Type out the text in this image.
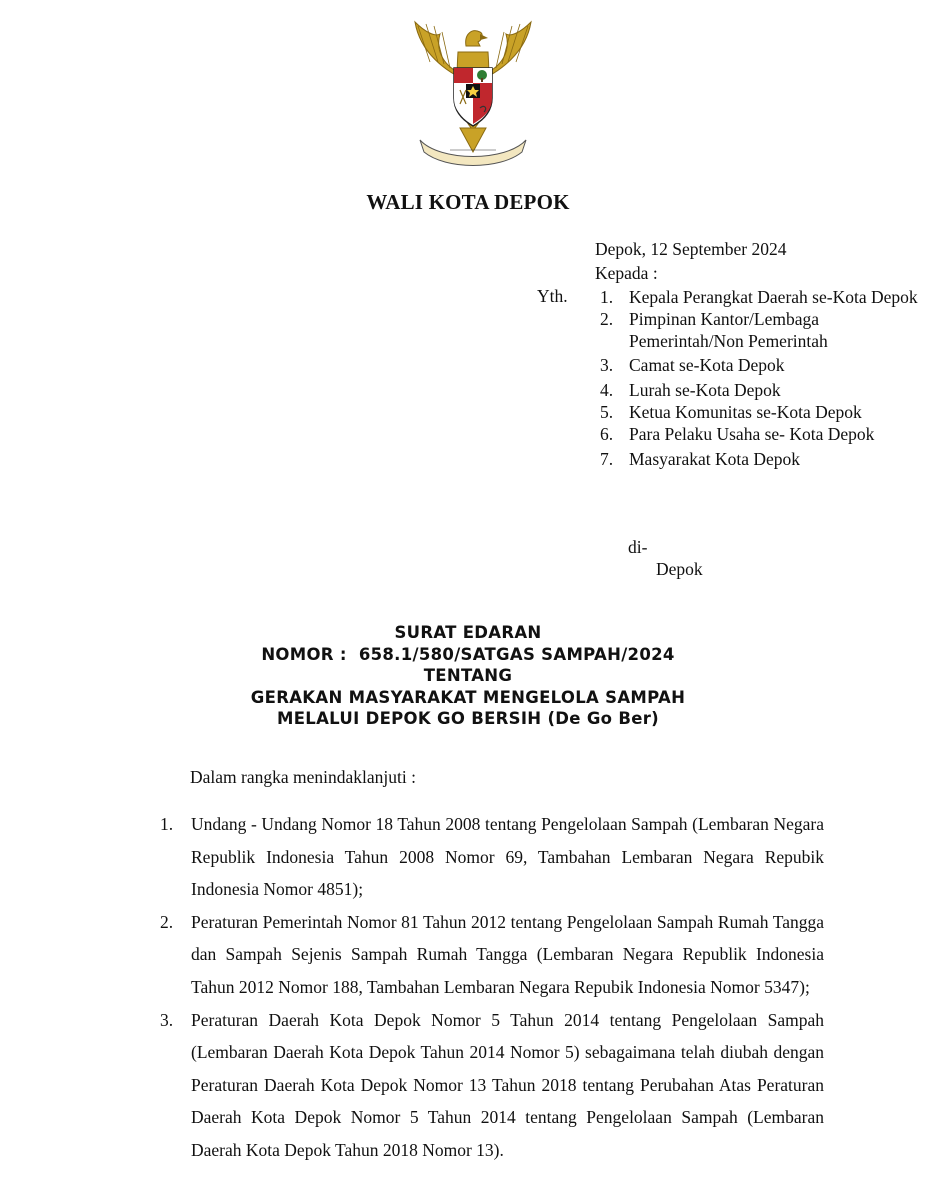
WALI KOTA DEPOK
Depok, 12 September 2024
Kepada :
Yth. 1. Kepala Perangkat Daerah se-Kota Depok
2. Pimpinan Kantor/Lembaga Pemerintah/Non Pemerintah
3. Camat se-Kota Depok
4. Lurah se-Kota Depok
5. Ketua Komunitas se-Kota Depok
6. Para Pelaku Usaha se- Kota Depok
7. Masyarakat Kota Depok
di-
Depok
SURAT EDARAN
NOMOR :  658.1/580/SATGAS SAMPAH/2024
TENTANG
GERAKAN MASYARAKAT MENGELOLA SAMPAH
MELALUI DEPOK GO BERSIH (De Go Ber)
Dalam rangka menindaklanjuti :
1. Undang - Undang Nomor 18 Tahun 2008 tentang Pengelolaan Sampah (Lembaran Negara Republik Indonesia Tahun 2008 Nomor 69, Tambahan Lembaran Negara Repubik Indonesia Nomor 4851);
2. Peraturan Pemerintah Nomor 81 Tahun 2012 tentang Pengelolaan Sampah Rumah Tangga dan Sampah Sejenis Sampah Rumah Tangga (Lembaran Negara Republik Indonesia Tahun 2012 Nomor 188, Tambahan Lembaran Negara Repubik Indonesia Nomor 5347);
3. Peraturan Daerah Kota Depok Nomor 5 Tahun 2014 tentang Pengelolaan Sampah (Lembaran Daerah Kota Depok Tahun 2014 Nomor 5) sebagaimana telah diubah dengan Peraturan Daerah Kota Depok Nomor 13 Tahun 2018 tentang Perubahan Atas Peraturan Daerah Kota Depok Nomor 5 Tahun 2014 tentang Pengelolaan Sampah (Lembaran Daerah Kota Depok Tahun 2018 Nomor 13).
